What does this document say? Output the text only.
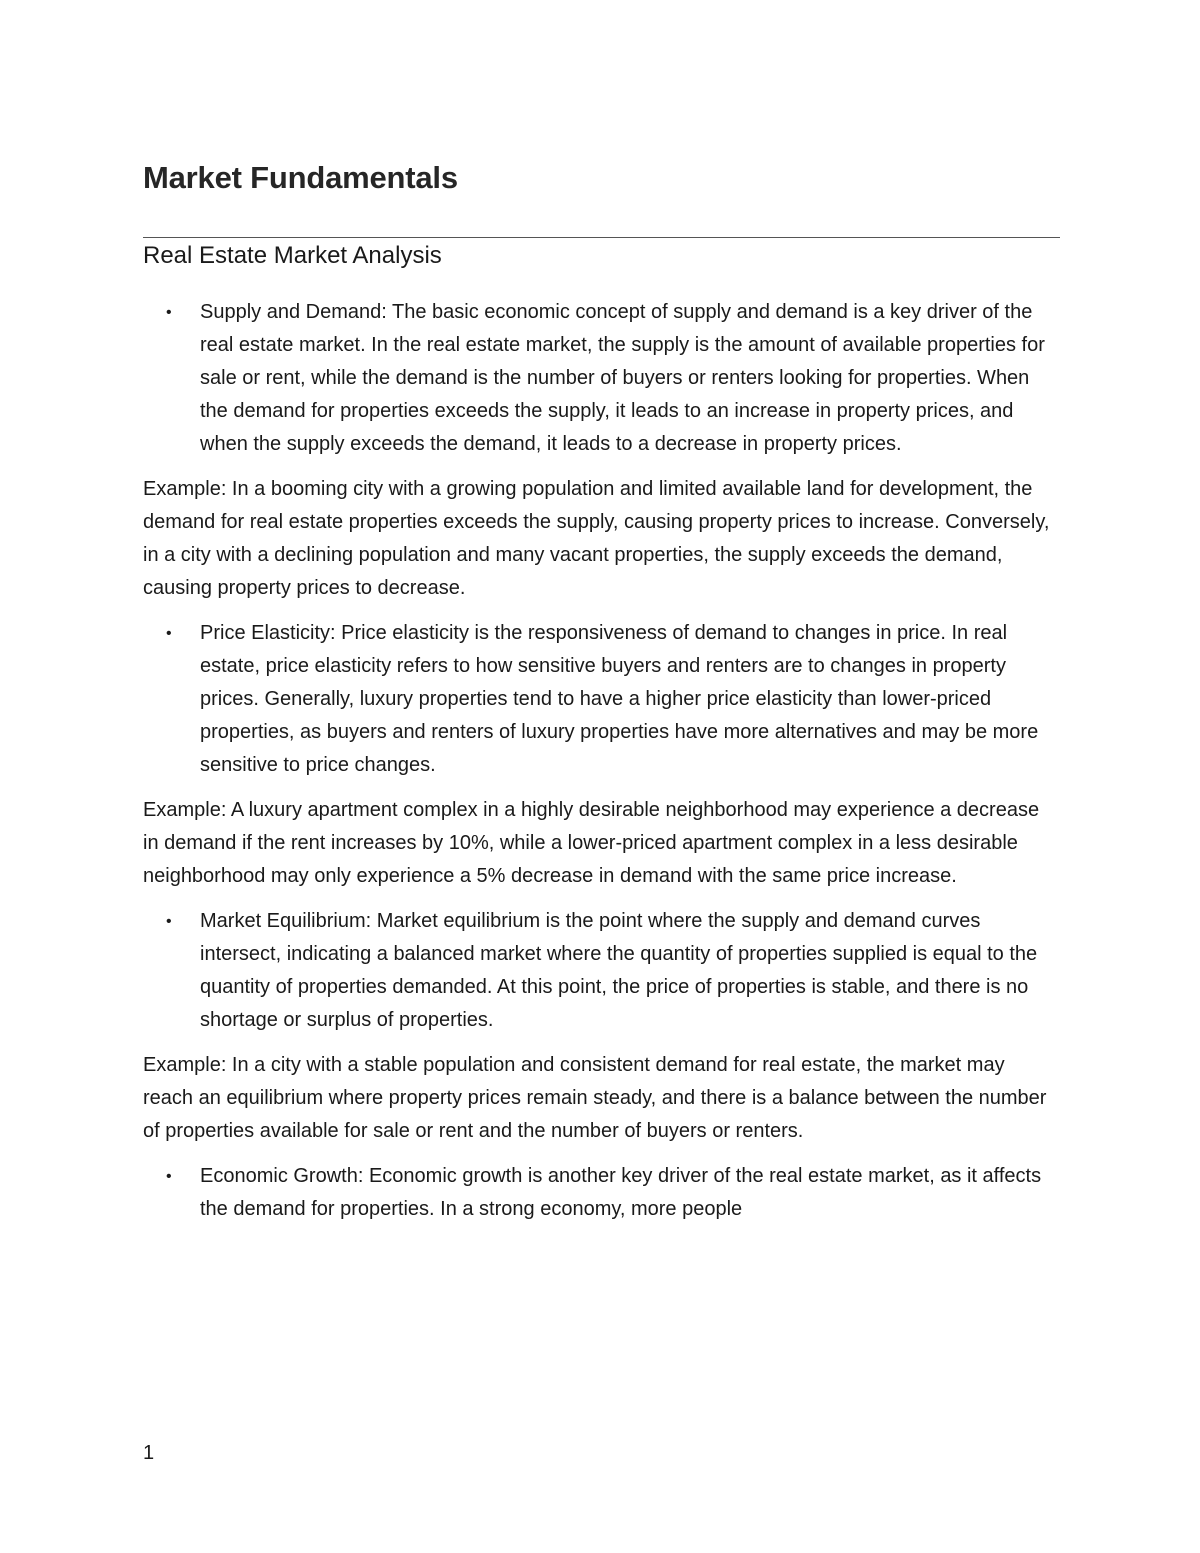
Market Fundamentals
Real Estate Market Analysis
• Supply and Demand: The basic economic concept of supply and demand is a key driver of the real estate market. In the real estate market, the supply is the amount of available properties for sale or rent, while the demand is the number of buyers or renters looking for properties. When the demand for properties exceeds the supply, it leads to an increase in property prices, and when the supply exceeds the demand, it leads to a decrease in property prices.

Example: In a booming city with a growing population and limited available land for development, the demand for real estate properties exceeds the supply, causing property prices to increase. Conversely, in a city with a declining population and many vacant properties, the supply exceeds the demand, causing property prices to decrease.

• Price Elasticity: Price elasticity is the responsiveness of demand to changes in price. In real estate, price elasticity refers to how sensitive buyers and renters are to changes in property prices. Generally, luxury properties tend to have a higher price elasticity than lower-priced properties, as buyers and renters of luxury properties have more alternatives and may be more sensitive to price changes.

Example: A luxury apartment complex in a highly desirable neighborhood may experience a decrease in demand if the rent increases by 10%, while a lower-priced apartment complex in a less desirable neighborhood may only experience a 5% decrease in demand with the same price increase.

• Market Equilibrium: Market equilibrium is the point where the supply and demand curves intersect, indicating a balanced market where the quantity of properties supplied is equal to the quantity of properties demanded. At this point, the price of properties is stable, and there is no shortage or surplus of properties.

Example: In a city with a stable population and consistent demand for real estate, the market may reach an equilibrium where property prices remain steady, and there is a balance between the number of properties available for sale or rent and the number of buyers or renters.

• Economic Growth: Economic growth is another key driver of the real estate market, as it affects the demand for properties. In a strong economy, more people
1
